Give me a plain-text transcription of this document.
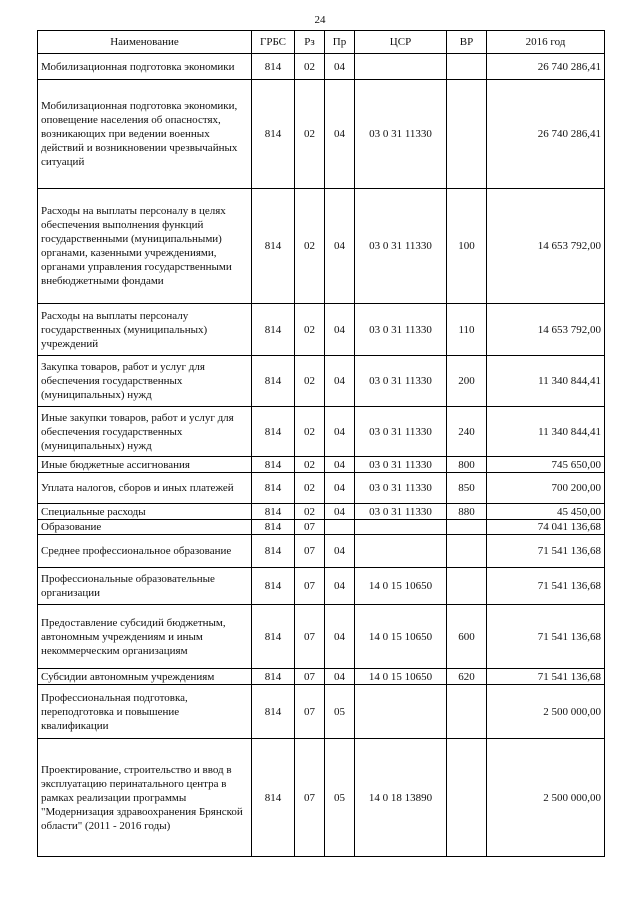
24
Наименование	ГРБС	Рз	Пр	ЦСР	ВР	2016 год
Мобилизационная подготовка экономики	814	02	04			26 740 286,41
Мобилизационная подготовка экономики, оповещение населения об опасностях, возникающих при ведении военных действий и возникновении чрезвычайных ситуаций	814	02	04	03 0 31 11330		26 740 286,41
Расходы на выплаты персоналу в целях обеспечения выполнения функций государственными (муниципальными) органами, казенными учреждениями, органами управления государственными внебюджетными фондами	814	02	04	03 0 31 11330	100	14 653 792,00
Расходы на выплаты персоналу государственных (муниципальных) учреждений	814	02	04	03 0 31 11330	110	14 653 792,00
Закупка товаров, работ и услуг для обеспечения государственных (муниципальных) нужд	814	02	04	03 0 31 11330	200	11 340 844,41
Иные закупки товаров, работ и услуг для обеспечения государственных (муниципальных) нужд	814	02	04	03 0 31 11330	240	11 340 844,41
Иные бюджетные ассигнования	814	02	04	03 0 31 11330	800	745 650,00
Уплата налогов, сборов и иных платежей	814	02	04	03 0 31 11330	850	700 200,00
Специальные расходы	814	02	04	03 0 31 11330	880	45 450,00
Образование	814	07				74 041 136,68
Среднее профессиональное образование	814	07	04			71 541 136,68
Профессиональные образовательные организации	814	07	04	14 0 15 10650		71 541 136,68
Предоставление субсидий бюджетным, автономным учреждениям и иным некоммерческим организациям	814	07	04	14 0 15 10650	600	71 541 136,68
Субсидии автономным учреждениям	814	07	04	14 0 15 10650	620	71 541 136,68
Профессиональная подготовка, переподготовка и повышение квалификации	814	07	05			2 500 000,00
Проектирование, строительство и ввод в эксплуатацию перинатального центра в рамках реализации программы "Модернизация здравоохранения Брянской области" (2011 - 2016 годы)	814	07	05	14 0 18 13890		2 500 000,00
